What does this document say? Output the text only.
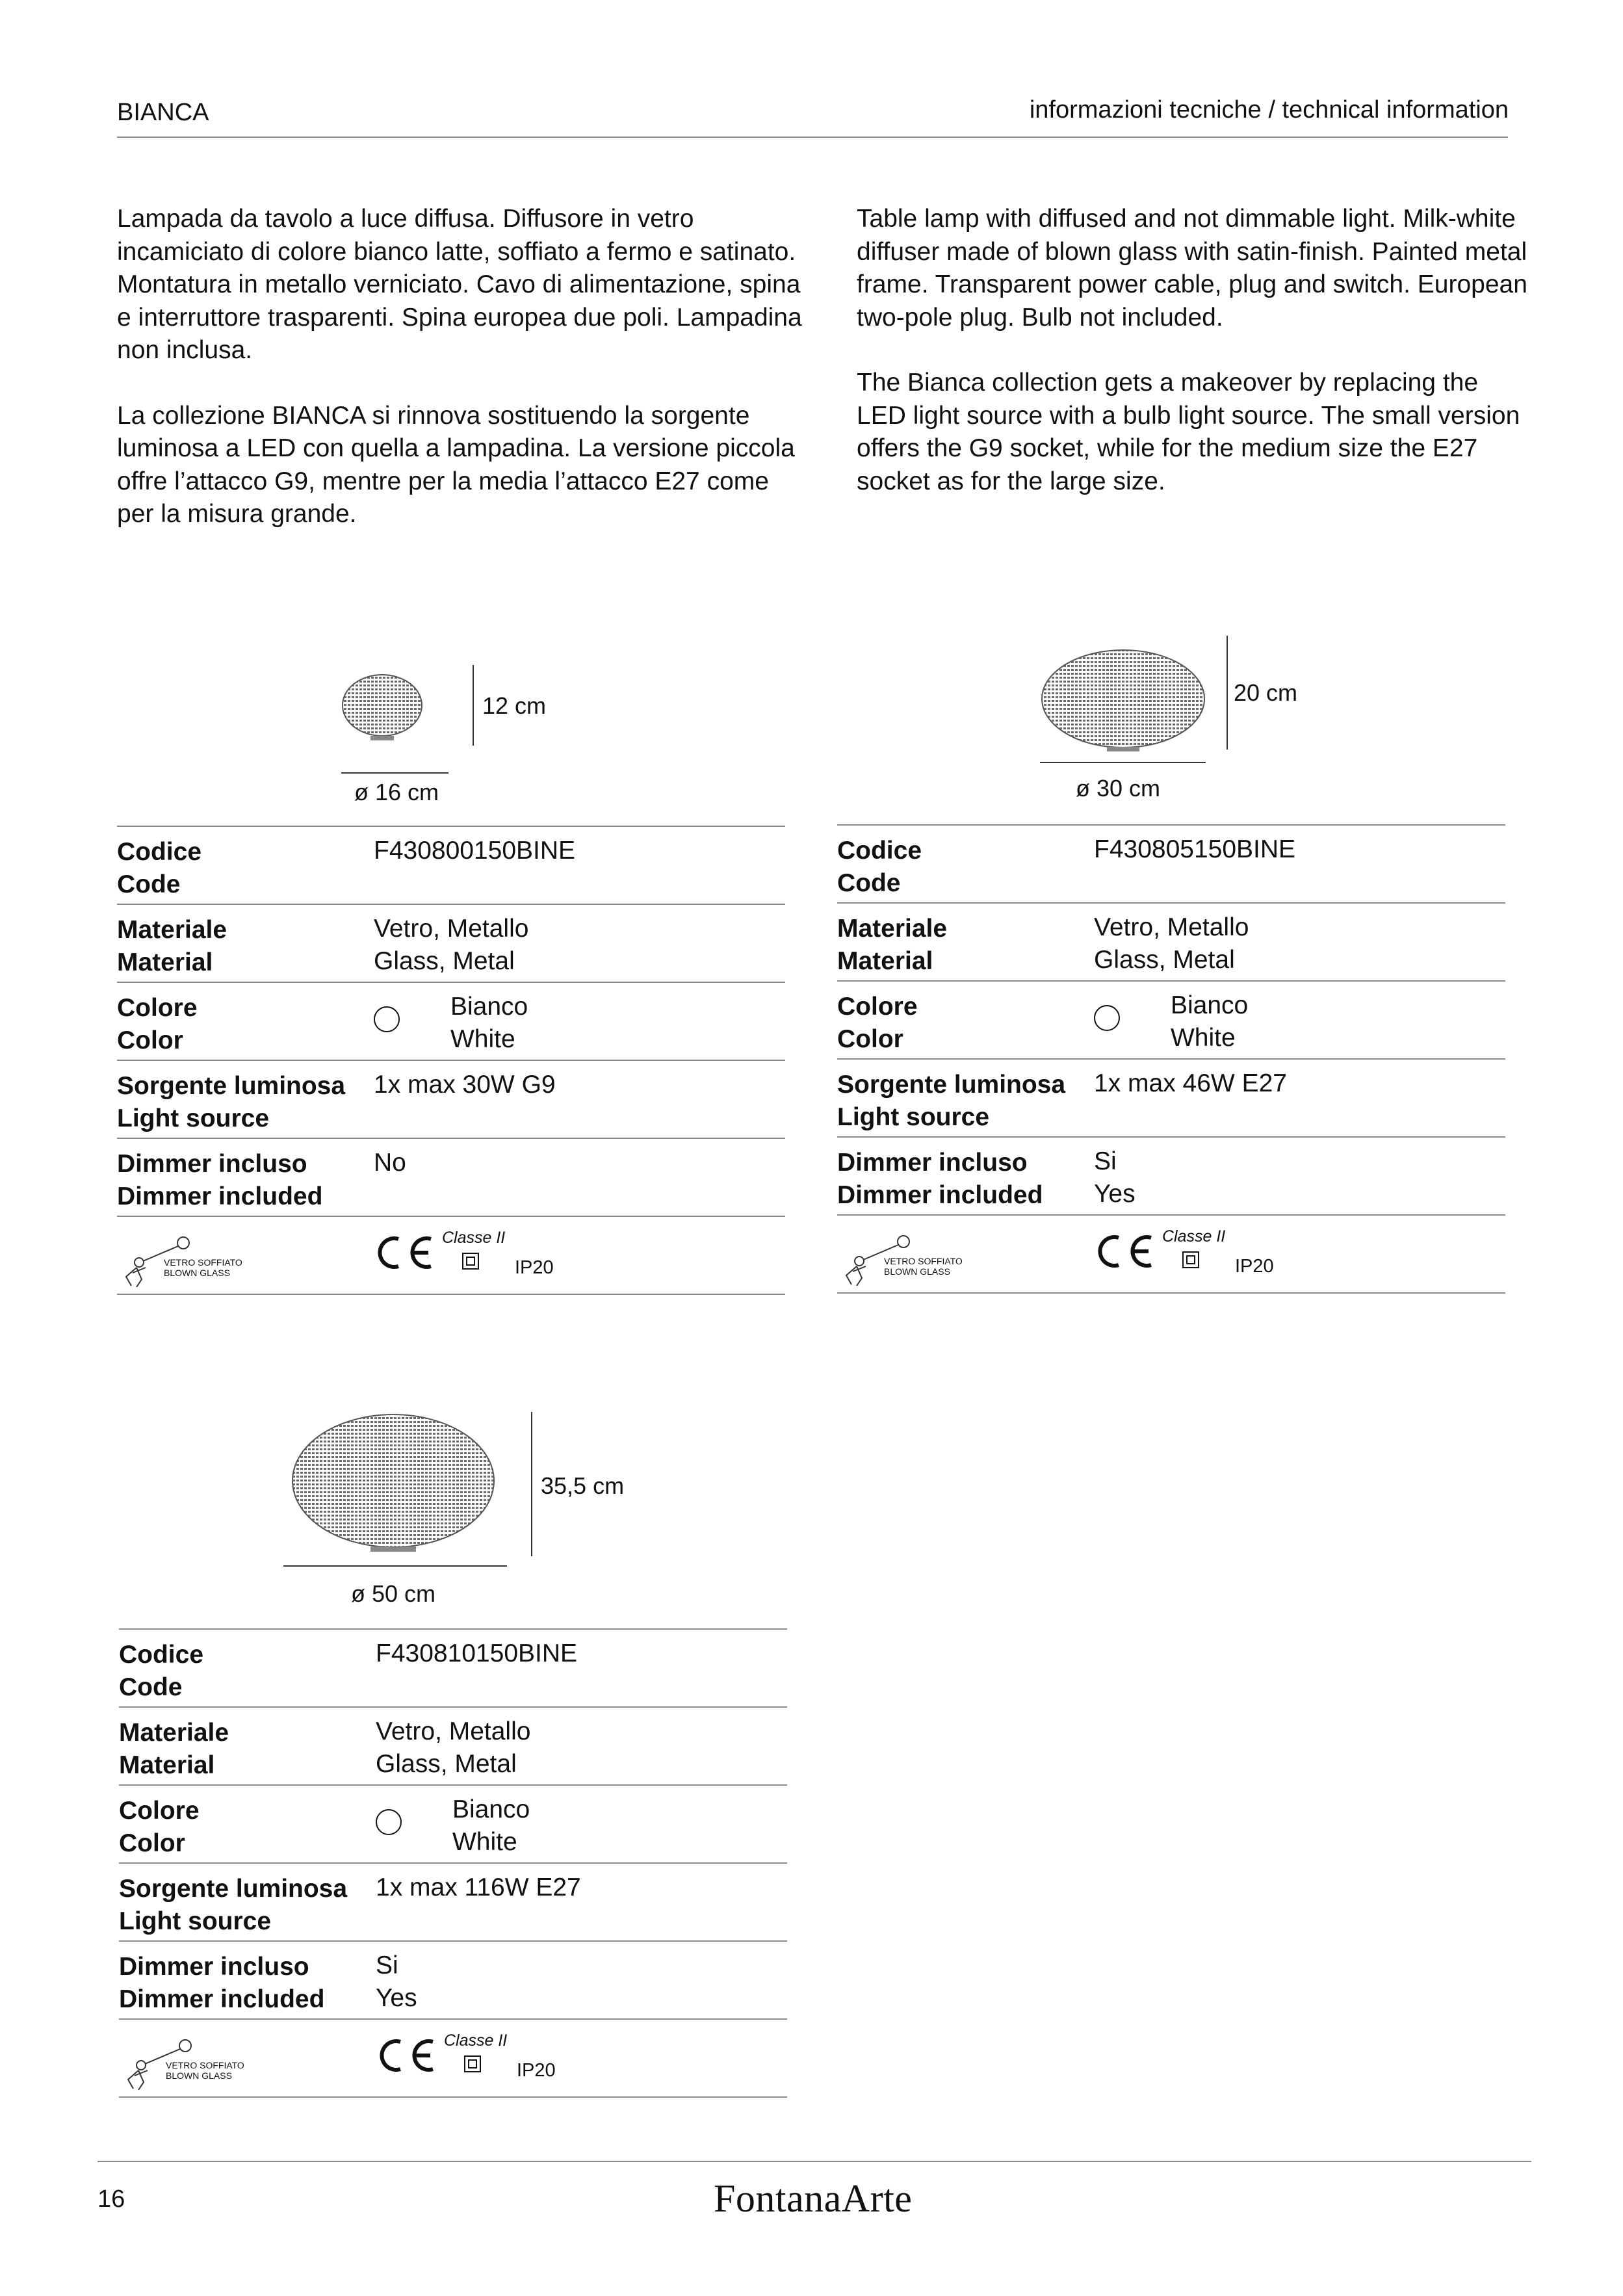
BIANCA	informazioni tecniche / technical information

Lampada da tavolo a luce diffusa. Diffusore in vetro incamiciato di colore bianco latte, soffiato a fermo e satinato. Montatura in metallo verniciato. Cavo di alimentazione, spina e interruttore trasparenti. Spina europea due poli. Lampadina non inclusa.

La collezione BIANCA si rinnova sostituendo la sorgente luminosa a LED con quella a lampadina. La versione piccola offre l’attacco G9, mentre per la media l’attacco E27 come per la misura grande.

Table lamp with diffused and not dimmable light. Milk-white diffuser made of blown glass with satin-finish. Painted metal frame. Transparent power cable, plug and switch. European two-pole plug. Bulb not included.

The Bianca collection gets a makeover by replacing the LED light source with a bulb light source. The small version offers the G9 socket, while for the medium size the E27 socket as for the large size.

12 cm
ø 16 cm
20 cm
ø 30 cm
35,5 cm
ø 50 cm
Codice
Code
F430800150BINE
Materiale
Material
Vetro, Metallo
Glass, Metal
Colore
Color
Bianco
White
Sorgente luminosa
Light source
1x max 30W G9
Dimmer incluso
Dimmer included
No
VETRO SOFFIATO
BLOWN GLASS
Classe II
IP20
Codice
Code
F430805150BINE
Materiale
Material
Vetro, Metallo
Glass, Metal
Colore
Color
Bianco
White
Sorgente luminosa
Light source
1x max 46W E27
Dimmer incluso
Dimmer included
Si
Yes
VETRO SOFFIATO
BLOWN GLASS
Classe II
IP20
Codice
Code
F430810150BINE
Materiale
Material
Vetro, Metallo
Glass, Metal
Colore
Color
Bianco
White
Sorgente luminosa
Light source
1x max 116W E27
Dimmer incluso
Dimmer included
Si
Yes
VETRO SOFFIATO
BLOWN GLASS
Classe II
IP20
16	FontanaArte
